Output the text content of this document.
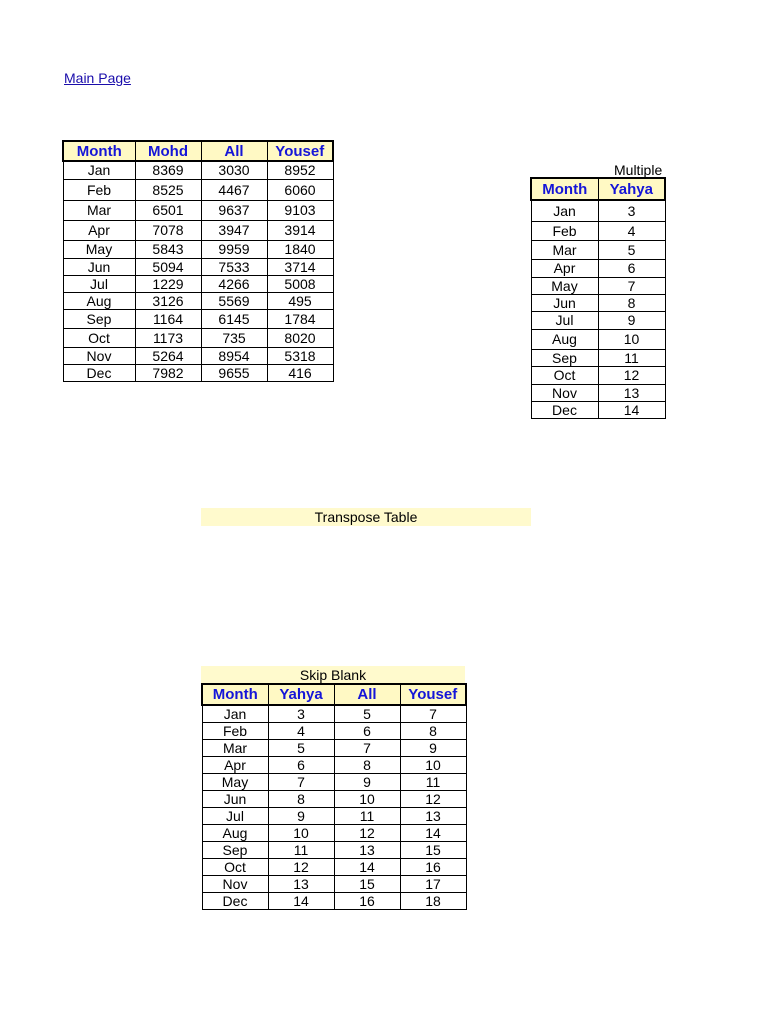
Main Page
Month	Mohd	All	Yousef
Jan	8369	3030	8952
Feb	8525	4467	6060
Mar	6501	9637	9103
Apr	7078	3947	3914
May	5843	9959	1840
Jun	5094	7533	3714
Jul	1229	4266	5008
Aug	3126	5569	495
Sep	1164	6145	1784
Oct	1173	735	8020
Nov	5264	8954	5318
Dec	7982	9655	416
Multiple
Month	Yahya
Jan	3
Feb	4
Mar	5
Apr	6
May	7
Jun	8
Jul	9
Aug	10
Sep	11
Oct	12
Nov	13
Dec	14
Transpose Table
Skip Blank
Month	Yahya	All	Yousef
Jan	3	5	7
Feb	4	6	8
Mar	5	7	9
Apr	6	8	10
May	7	9	11
Jun	8	10	12
Jul	9	11	13
Aug	10	12	14
Sep	11	13	15
Oct	12	14	16
Nov	13	15	17
Dec	14	16	18
